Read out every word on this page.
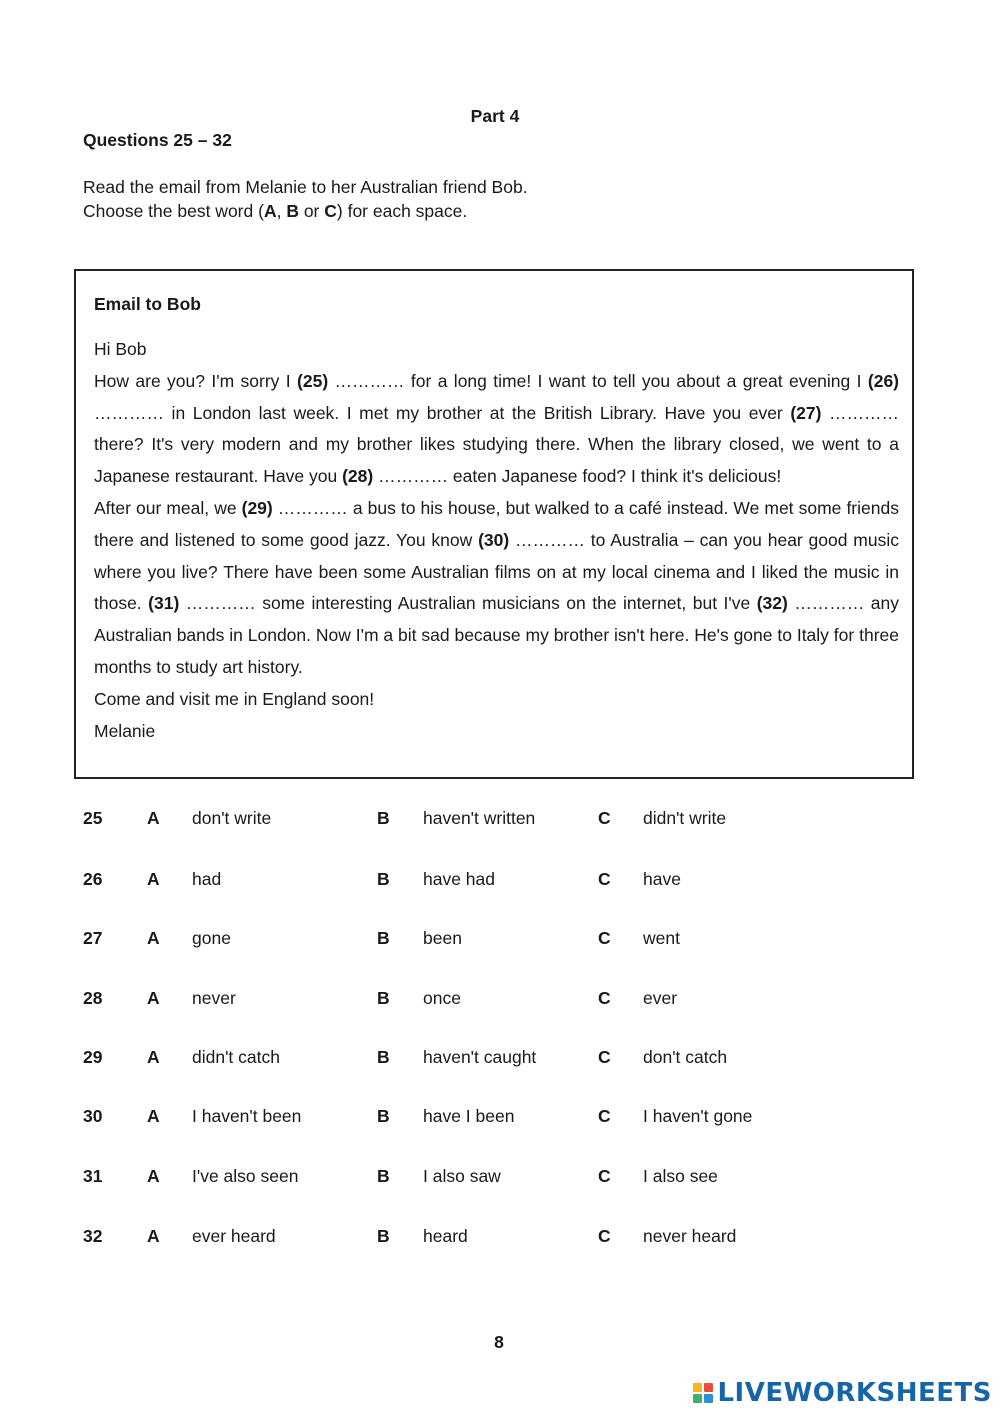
Part 4
Questions 25 – 32
Read the email from Melanie to her Australian friend Bob.
Choose the best word (A, B or C) for each space.
Email to Bob

Hi Bob

How are you? I'm sorry I (25) ………… for a long time! I want to tell you about a great evening I (26) ………… in London last week. I met my brother at the British Library. Have you ever (27) ………… there? It's very modern and my brother likes studying there. When the library closed, we went to a Japanese restaurant. Have you (28) ………… eaten Japanese food? I think it's delicious!

After our meal, we (29) ………… a bus to his house, but walked to a café instead. We met some friends there and listened to some good jazz. You know (30) ………… to Australia – can you hear good music where you live? There have been some Australian films on at my local cinema and I liked the music in those. (31) ………… some interesting Australian musicians on the internet, but I've (32) ………… any Australian bands in London. Now I'm a bit sad because my brother isn't here. He's gone to Italy for three months to study art history.

Come and visit me in England soon!

Melanie

25	A don't write	B haven't written	C didn't write
26	A had	B have had	C have
27	A gone	B been	C went
28	A never	B once	C ever
29	A didn't catch	B haven't caught	C don't catch
30	A I haven't been	B have I been	C I haven't gone
31	A I've also seen	B I also saw	C I also see
32	A ever heard	B heard	C never heard
8
LIVEWORKSHEETS
